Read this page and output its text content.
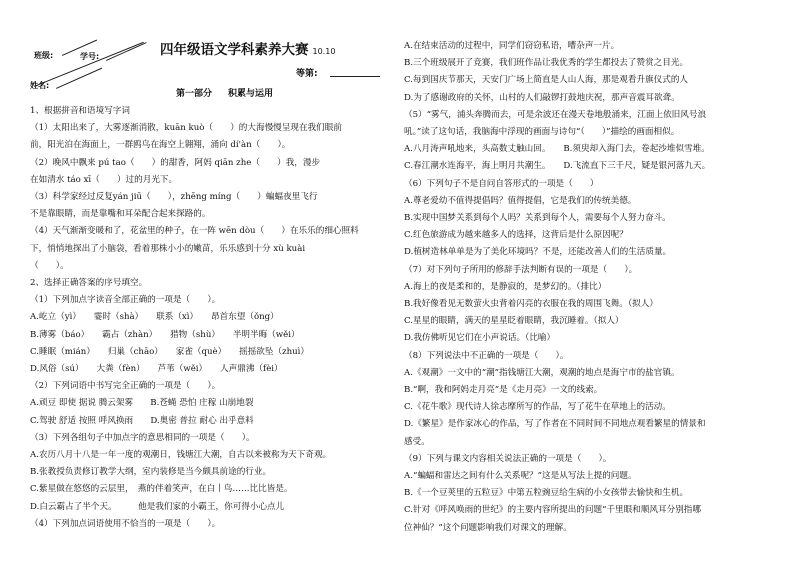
班级:	学号:
姓名:
四年级语文学科素养大赛 10.10
等第:
第一部分 积累与运用
1、根据拼音和语境写字词
（1）太阳出来了，大雾逐渐消散，kuān kuò（　　）的大海慢慢呈现在我们眼前
前，阳光泊在海面上，一群鸥鸟在海空上翱翔，涌向 dí'àn（　　）。
（2）晚风中飘来 pú tao（　　）的甜香，阿妈 qiān zhe（　　）我，漫步
在如清水 táo xī（　　）过的月光下。
（3）科学家经过反复yán jiū（　　），zhēng míng（　　）蝙蝠夜里飞行
不是靠眼睛，而是靠嘴和耳朵配合起来探路的。
（4）天气渐渐变暖和了，花盆里的种子，在一阵 wēn dòu（　　）在乐乐的细心照料
下，悄悄地探出了小脑袋，看着那株小小的嫩苗，乐乐感到十分 xù kuài
（　　）。
2、选择正确答案的序号填空。
（1）下列加点字读音全部正确的一项是（　　）。
A.屹立（yì）　　霎时（shà）　　联系（xì）　　昂首东望（ǒng）
B.薄雾（báo）　　霸占（zhàn）　　猎物（shù）　　半明半晦（wěi）
C.睡眠（mián）　　归巢（chāo）　　家雀（què）　　摇摇欲坠（zhuì）
D.风俗（sú）　　大粪（fèn）　　芦苇（wěi）　　人声鼎沸（fèi）
（2）下列词语中书写完全正确的一项是（　　）。
A.顽豆 即使 据说 腾云架雾　　B.苍蝇 恐怕 庄稼 山崩地裂
C.驾驶 舒适 按照 呼风换雨　　D.奥密 普拉 耐心 出乎意料
（3）下列各组句子中加点字的意思相同的一项是（　　）。
A.农历八月十八是一年一度的观潮日，钱塘江大潮，自古以来被称为天下奇观。
B.张教授负责修订教学大纲，室内装修是当今颇具前途的行业。
C.紫星做在悠悠的云层里，　燕的伴着笑声，在白丨鸟……比比皆是。
D.白云霸占了半个天。　　　他是我们家的小霸王，你可得小心点儿
（4）下列加点词语使用不恰当的一项是（　　）。
A.在结束活动的过程中，同学们窃窃私语，嘈杂声一片。
B.三个班级展开了竞赛，我们班作品让我优秀的学生都投去了赞赏之目光。
C.每到国庆节那天，天安门广场上简直是人山人海，那是观看升旗仪式的人
D.为了感谢政府的关怀，山村的人们敲锣打鼓地庆祝，那声音震耳欲聋。
（5）“雾气，浦头奔腾而去，可是余波还在漫天卷地般涌来，江面上依旧风号浪
吼。”读了这句话，我脑海中浮现的画面与诗句“（　　）”描绘的画面相似。
A.八月涛声吼地来，头高数丈触山回。　　B.须臾却入海门去，卷起沙堆似雪堆。
C.春江潮水连海平，海上明月共潮生。　　D.飞流直下三千尺，疑是银河落九天。
（6）下列句子不是自问自答形式的一项是（　　）
A.尊老爱幼不值得提倡吗？值得提倡，它是我们的传统美德。
B.实现中国梦关系到每个人吗？关系到每个人，需要每个人努力奋斗。
C.红色旅游成为越来越多人的选择，这背后是什么原因呢？
D.植树造林单单是为了美化环境吗？不是，还能改善人们的生活质量。
（7）对下列句子所用的修辞手法判断有误的一项是（　　）。
A.海上的夜是柔和的，是静寂的，是梦幻的。（排比）
B.我好像看见无数萤火虫背着闪亮的衣服在我的周围飞舞。（拟人）
C.星星的眼睛，满天的星星眨着眼睛，我沉睡着。（拟人）
D.我仿佛听见它们在小声说话。（比喻）
（8）下列说法中不正确的一项是（　　）。
A.《观潮》一文中的“潮”指钱塘江大潮，观潮的地点是海宁市的盐官镇。
B.“啊，我和阿妈走月亮”是《走月亮》一文的线索。
C.《花牛歌》现代诗人徐志摩所写的作品，写了花牛在草地上的活动。
D.《繁星》是作家冰心的作品，写了作者在不同时间不同地点观看繁星的情景和
感受。
（9）下列与课文内容相关说法正确的一项是（　　）。
A.“蝙蝠和雷达之间有什么关系呢？”这是从写法上提的问题。
B.《一个豆荚里的五粒豆》中第五粒豌豆给生病的小女孩带去愉快和生机。
C.针对《呼风唤雨的世纪》的主要内容所提出的问题“千里眼和顺风耳分别指哪
位神仙？”这个问题影响我们对课文的理解。
